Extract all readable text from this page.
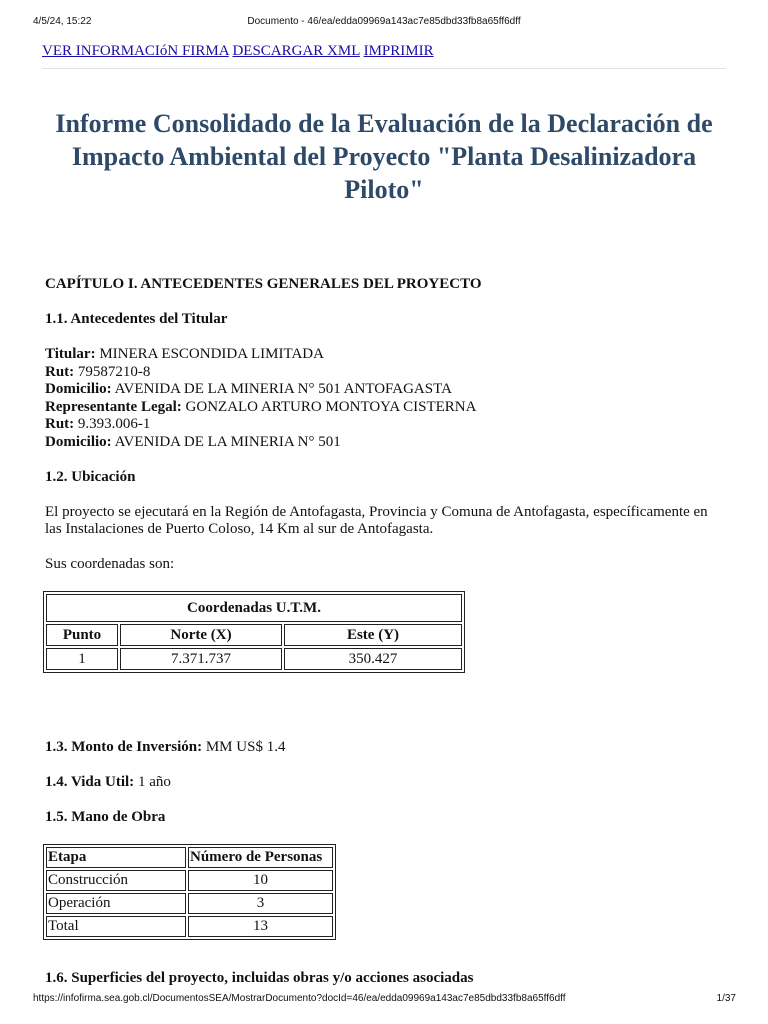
Documento - 46/ea/edda09969a143ac7e85dbd33fb8a65ff6dff
4/5/24, 15:22
VER INFORMACIóN FIRMA DESCARGAR XML IMPRIMIR
Informe Consolidado de la Evaluación de la Declaración de Impacto Ambiental del Proyecto "Planta Desalinizadora Piloto"
CAPÍTULO I. ANTECEDENTES GENERALES DEL PROYECTO
1.1. Antecedentes del Titular
Titular: MINERA ESCONDIDA LIMITADA
Rut: 79587210-8
Domicilio: AVENIDA DE LA MINERIA N° 501 ANTOFAGASTA
Representante Legal: GONZALO ARTURO MONTOYA CISTERNA
Rut: 9.393.006-1
Domicilio: AVENIDA DE LA MINERIA N° 501
1.2. Ubicación

El proyecto se ejecutará en la Región de Antofagasta, Provincia y Comuna de Antofagasta, específicamente en las Instalaciones de Puerto Coloso, 14 Km al sur de Antofagasta.

Sus coordenadas son:

Coordenadas U.T.M.		
Punto	Norte (X)	Este (Y)
1	7.371.737	350.427

1.3. Monto de Inversión: MM US$ 1.4

1.4. Vida Util: 1 año

1.5. Mano de Obra
Etapa	Número de Personas
Construcción	10
Operación	3
Total	13
1.6. Superficies del proyecto, incluidas obras y/o acciones asociadas
https://infofirma.sea.gob.cl/DocumentosSEA/MostrarDocumento?docId=46/ea/edda09969a143ac7e85dbd33fb8a65ff6dff	1/37
